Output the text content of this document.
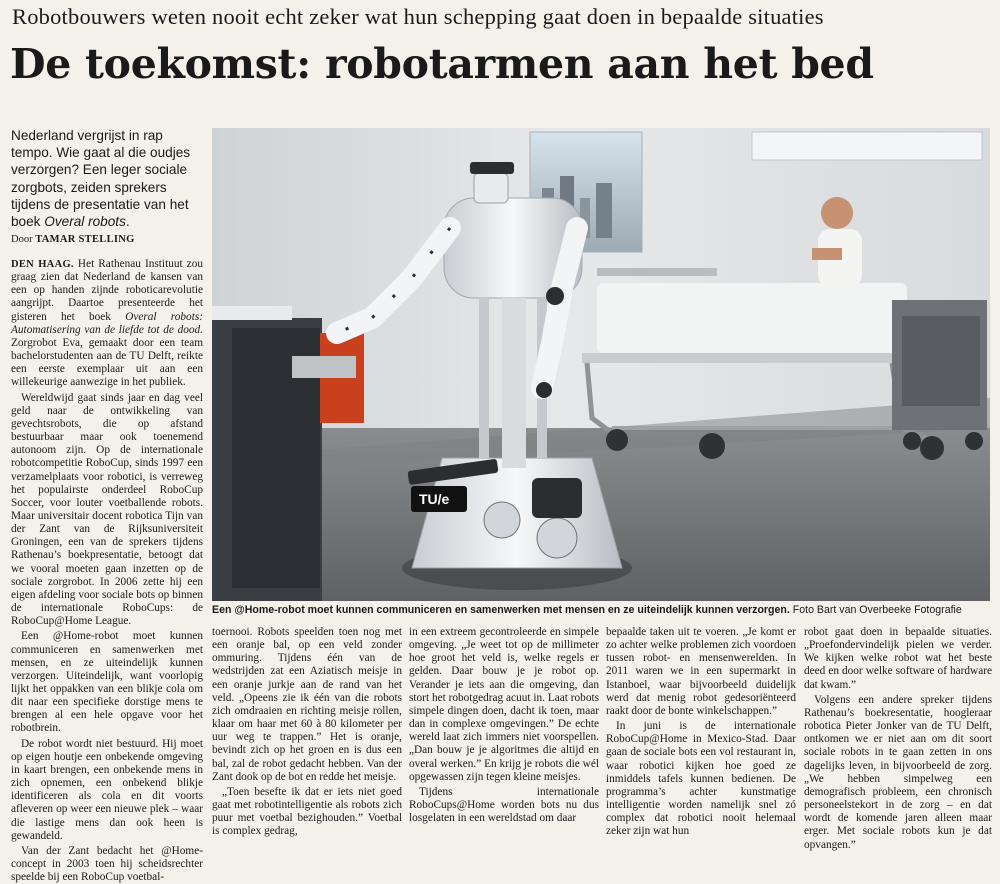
Robotbouwers weten nooit echt zeker wat hun schepping gaat doen in bepaalde situaties
De toekomst: robotarmen aan het bed
Nederland vergrijst in rap tempo. Wie gaat al die oudjes verzorgen? Een leger sociale zorgbots, zeiden sprekers tijdens de presentatie van het boek Overal robots.
Door TAMAR STELLING

DEN HAAG. Het Rathenau Instituut zou graag zien dat Nederland de kansen van een op handen zijnde roboticarevolutie aangrijpt. Daartoe presenteerde het gisteren het boek Overal robots: Automatisering van de liefde tot de dood. Zorgrobot Eva, gemaakt door een team bachelorstudenten aan de TU Delft, reikte een eerste exemplaar uit aan een willekeurige aanwezige in het publiek.

Wereldwijd gaat sinds jaar en dag veel geld naar de ontwikkeling van gevechtsrobots, die op afstand bestuurbaar maar ook toenemend autonoom zijn. Op de internationale robotcompetitie RoboCup, sinds 1997 een verzamelplaats voor robotici, is verreweg het populairste onderdeel RoboCup Soccer, voor louter voetballende robots. Maar universitair docent robotica Tijn van der Zant van de Rijksuniversiteit Groningen, een van de sprekers tijdens Rathenau’s boekpresentatie, betoogt dat we vooral moeten gaan inzetten op de sociale zorgrobot. In 2006 zette hij een eigen afdeling voor sociale bots op binnen de internationale RoboCups: de RoboCup@Home League.

Een @Home-robot moet kunnen communiceren en samenwerken met mensen, en ze uiteindelijk kunnen verzorgen. Uiteindelijk, want voorlopig lijkt het oppakken van een blikje cola om dit naar een specifieke dorstige mens te brengen al een hele opgave voor het robotbrein.

De robot wordt niet bestuurd. Hij moet op eigen houtje een onbekende omgeving in kaart brengen, een onbekende mens in zich opnemen, een onbekend blikje identificeren als cola en dit voorts afleveren op weer een nieuwe plek – waar die lastige mens dan ook heen is gewandeld.

Van der Zant bedacht het @Home-concept in 2003 toen hij scheidsrechter speelde bij een RoboCup voetbal-

TU/e
Een @Home-robot moet kunnen communiceren en samenwerken met mensen en ze uiteindelijk kunnen verzorgen. Foto Bart van Overbeeke Fotografie

toernooi. Robots speelden toen nog met een oranje bal, op een veld zonder ommuring. Tijdens één van de wedstrijden zat een Aziatisch meisje in een oranje jurkje aan de rand van het veld. „Opeens zie ik één van die robots zich omdraaien en richting meisje rollen, klaar om haar met 60 à 80 kilometer per uur weg te trappen.” Het is oranje, bevindt zich op het groen en is dus een bal, zal de robot gedacht hebben. Van der Zant dook op de bot en redde het meisje.

„Toen besefte ik dat er iets niet goed gaat met robotintelligentie als robots zich puur met voetbal bezighouden.” Voetbal is complex gedrag,

in een extreem gecontroleerde en simpele omgeving. „Je weet tot op de millimeter hoe groot het veld is, welke regels er gelden. Daar bouw je je robot op. Verander je iets aan die omgeving, dan stort het robotgedrag acuut in. Laat robots simpele dingen doen, dacht ik toen, maar dan in complexe omgevingen.” De echte wereld laat zich immers niet voorspellen. „Dan bouw je je algoritmes die altijd en overal werken.” En krijg je robots die wél opgewassen zijn tegen kleine meisjes.

Tijdens internationale RoboCups@Home worden bots nu dus losgelaten in een wereldstad om daar

bepaalde taken uit te voeren. „Je komt er zo achter welke problemen zich voordoen tussen robot- en mensenwerelden. In 2011 waren we in een supermarkt in Istanboel, waar bijvoorbeeld duidelijk werd dat menig robot gedesoriënteerd raakt door de bonte winkelschappen.”

In juni is de internationale RoboCup@Home in Mexico-Stad. Daar gaan de sociale bots een vol restaurant in, waar robotici kijken hoe goed ze inmiddels tafels kunnen bedienen. De programma’s achter kunstmatige intelligentie worden namelijk snel zó complex dat robotici nooit helemaal zeker zijn wat hun

robot gaat doen in bepaalde situaties. „Proefondervindelijk pielen we verder. We kijken welke robot wat het beste deed en door welke software of hardware dat kwam.”

Volgens een andere spreker tijdens Rathenau’s boekresentatie, hoogleraar robotica Pieter Jonker van de TU Delft, ontkomen we er niet aan om dit soort sociale robots in te gaan zetten in ons dagelijks leven, in bijvoorbeeld de zorg. „We hebben simpelweg een demografisch probleem, een chronisch personeelstekort in de zorg – en dat wordt de komende jaren alleen maar erger. Met sociale robots kun je dat opvangen.”
